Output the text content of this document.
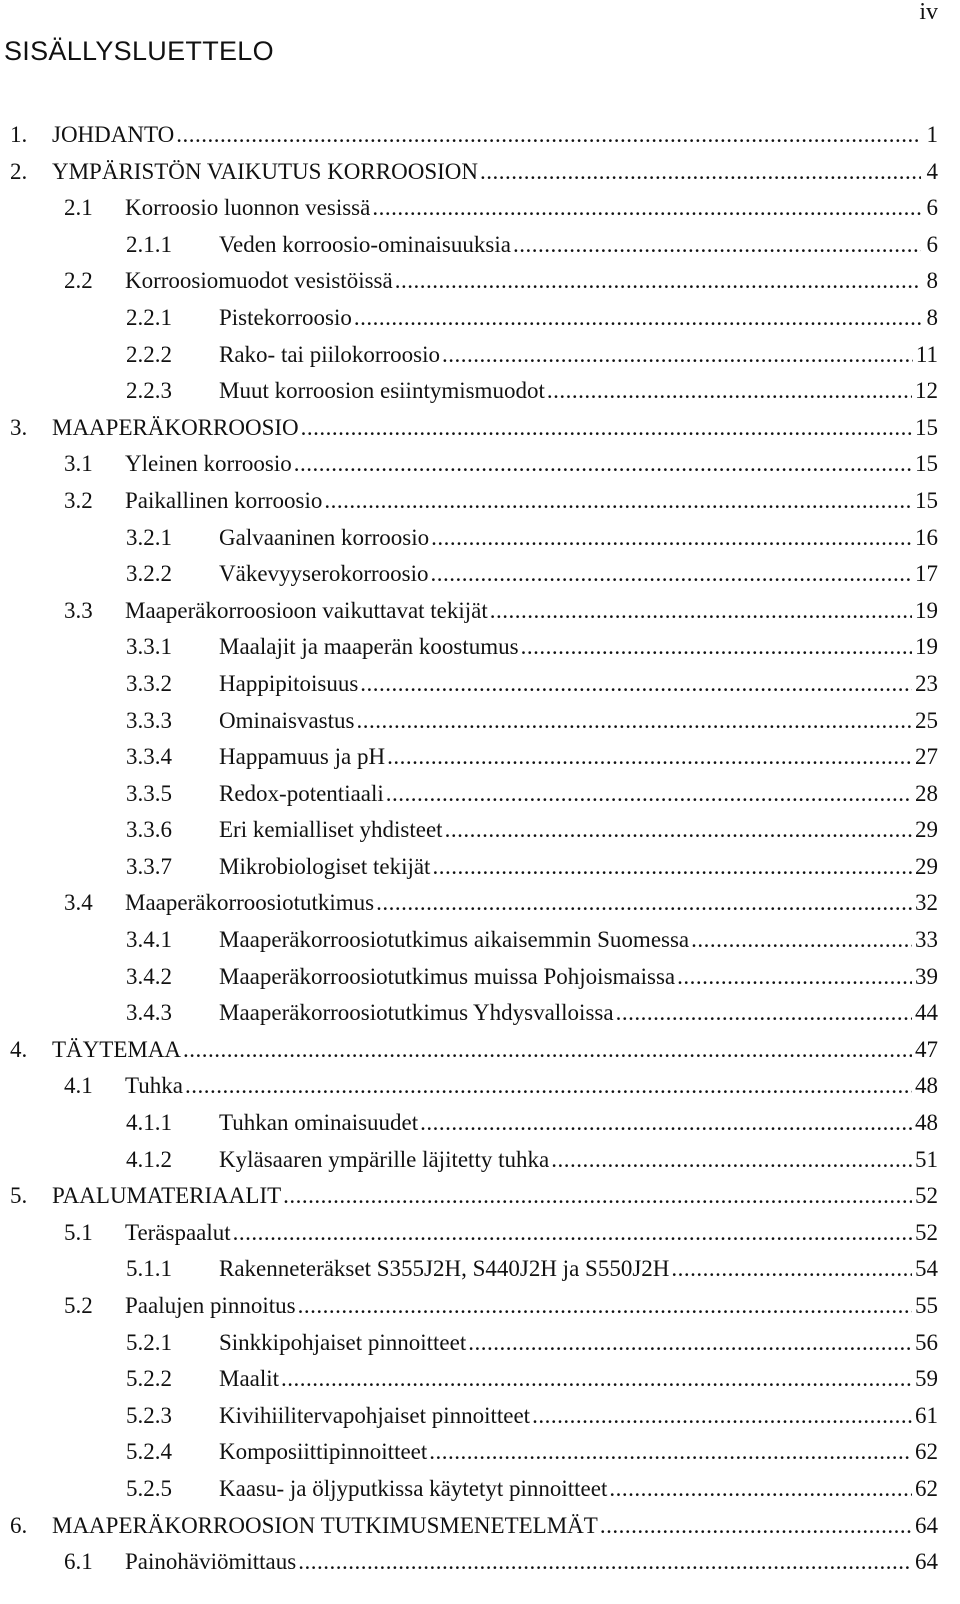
iv
SISÄLLYSLUETTELO
1.	JOHDANTO .....	1
2.	YMPÄRISTÖN VAIKUTUS KORROOSION .....	4
2.1	Korroosio luonnon vesissä .....	6
2.1.1	Veden korroosio-ominaisuuksia .....	6
2.2	Korroosiomuodot vesistöissä .....	8
2.2.1	Pistekorroosio .....	8
2.2.2	Rako- tai piilokorroosio .....	11
2.2.3	Muut korroosion esiintymismuodot .....	12
3.	MAAPERÄKORROOSIO .....	15
3.1	Yleinen korroosio .....	15
3.2	Paikallinen korroosio .....	15
3.2.1	Galvaaninen korroosio .....	16
3.2.2	Väkevyyserokorroosio .....	17
3.3	Maaperäkorroosioon vaikuttavat tekijät .....	19
3.3.1	Maalajit ja maaperän koostumus .....	19
3.3.2	Happipitoisuus .....	23
3.3.3	Ominaisvastus .....	25
3.3.4	Happamuus ja pH .....	27
3.3.5	Redox-potentiaali .....	28
3.3.6	Eri kemialliset yhdisteet .....	29
3.3.7	Mikrobiologiset tekijät .....	29
3.4	Maaperäkorroosiotutkimus .....	32
3.4.1	Maaperäkorroosiotutkimus aikaisemmin Suomessa .....	33
3.4.2	Maaperäkorroosiotutkimus muissa Pohjoismaissa .....	39
3.4.3	Maaperäkorroosiotutkimus Yhdysvalloissa .....	44
4.	TÄYTEMAA .....	47
4.1	Tuhka .....	48
4.1.1	Tuhkan ominaisuudet .....	48
4.1.2	Kyläsaaren ympärille läjitetty tuhka .....	51
5.	PAALUMATERIAALIT .....	52
5.1	Teräspaalut .....	52
5.1.1	Rakenneteräkset S355J2H, S440J2H ja S550J2H .....	54
5.2	Paalujen pinnoitus .....	55
5.2.1	Sinkkipohjaiset pinnoitteet .....	56
5.2.2	Maalit .....	59
5.2.3	Kivihiilitervapohjaiset pinnoitteet .....	61
5.2.4	Komposiittipinnoitteet .....	62
5.2.5	Kaasu- ja öljyputkissa käytetyt pinnoitteet .....	62
6.	MAAPERÄKORROOSION TUTKIMUSMENETELMÄT .....	64
6.1	Painohäviömittaus .....	64
